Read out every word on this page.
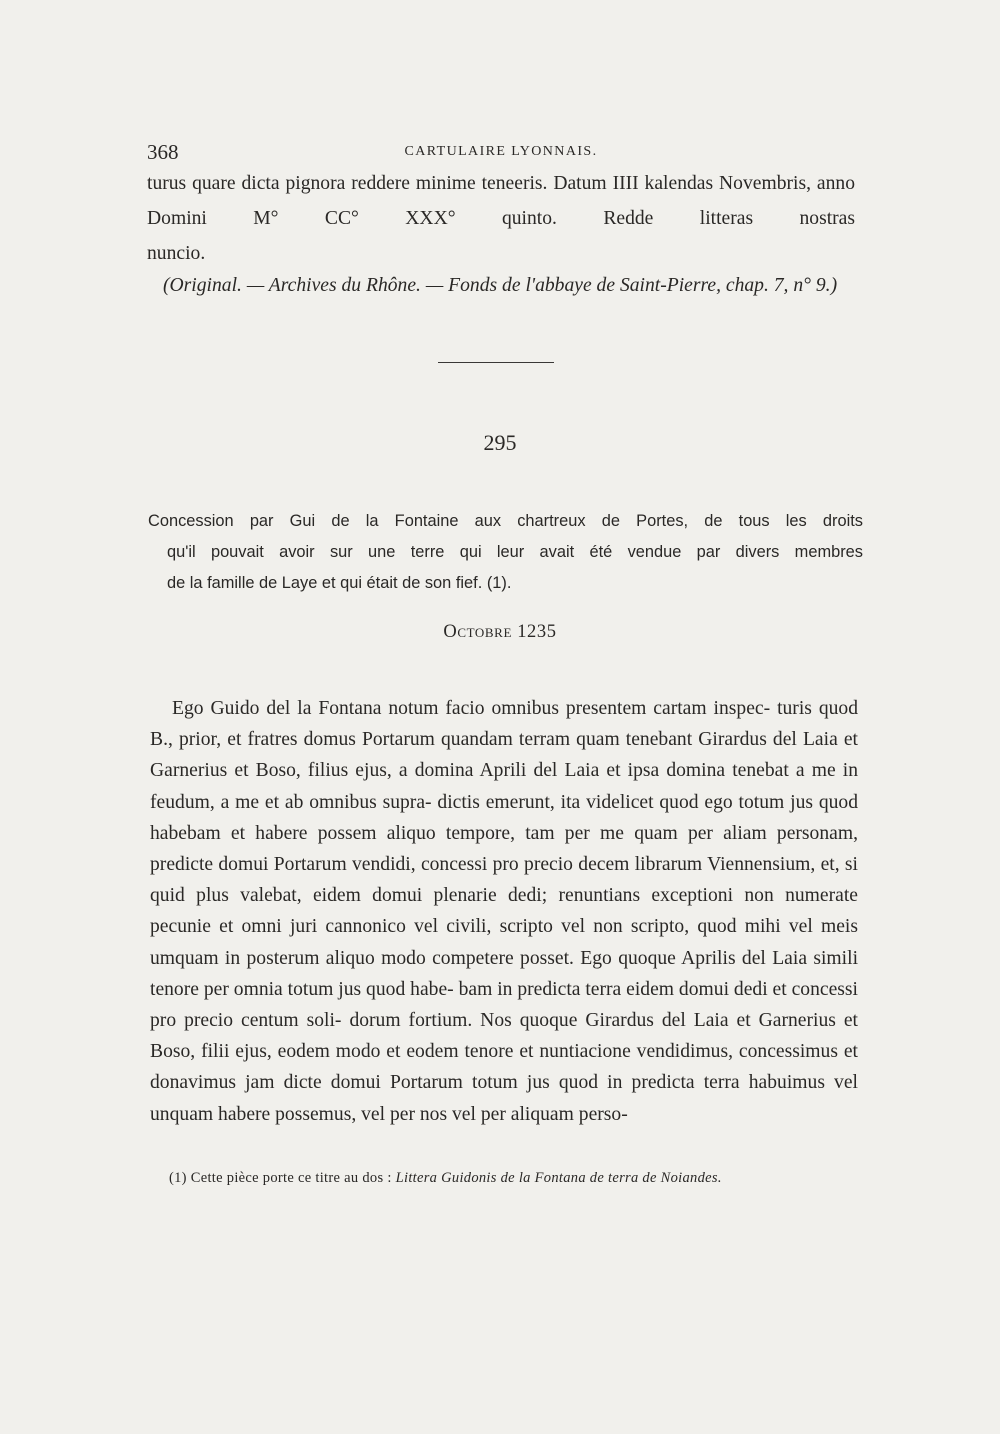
368	CARTULAIRE LYONNAIS.

turus quare dicta pignora reddere minime teneeris. Datum IIII kalendas Novembris, anno Domini M° CC° XXX° quinto. Redde litteras nostras
nuncio.

(Original. — Archives du Rhône. — Fonds de l'abbaye de Saint-Pierre, chap. 7, n° 9.)

295

Concession par Gui de la Fontaine aux chartreux de Portes, de tous les droits
qu'il pouvait avoir sur une terre qui leur avait été vendue par divers membres
de la famille de Laye et qui était de son fief. (1).

Octobre 1235

Ego Guido del la Fontana notum facio omnibus presentem cartam inspec- turis quod B., prior, et fratres domus Portarum quandam terram quam tenebant Girardus del Laia et Garnerius et Boso, filius ejus, a domina Aprili del Laia et ipsa domina tenebat a me in feudum, a me et ab omnibus supra- dictis emerunt, ita videlicet quod ego totum jus quod habebam et habere possem aliquo tempore, tam per me quam per aliam personam, predicte domui Portarum vendidi, concessi pro precio decem librarum Viennensium, et, si quid plus valebat, eidem domui plenarie dedi; renuntians exceptioni non numerate pecunie et omni juri cannonico vel civili, scripto vel non scripto, quod mihi vel meis umquam in posterum aliquo modo competere posset. Ego quoque Aprilis del Laia simili tenore per omnia totum jus quod habe- bam in predicta terra eidem domui dedi et concessi pro precio centum soli- dorum fortium. Nos quoque Girardus del Laia et Garnerius et Boso, filii ejus, eodem modo et eodem tenore et nuntiacione vendidimus, concessimus et donavimus jam dicte domui Portarum totum jus quod in predicta terra habuimus vel unquam habere possemus, vel per nos vel per aliquam perso-

(1) Cette pièce porte ce titre au dos : Littera Guidonis de la Fontana de terra de Noiandes.
